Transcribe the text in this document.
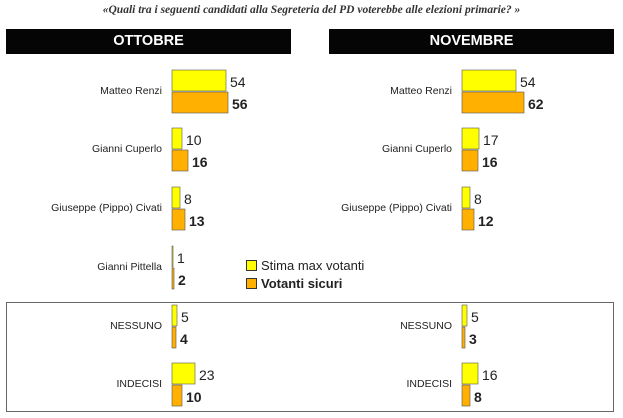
«Quali tra i seguenti candidati alla Segreteria del PD voterebbe alle elezioni primarie? »
OTTOBRE	NOVEMBRE
Matteo Renzi
54
56
Gianni Cuperlo
10
16
Giuseppe (Pippo) Civati
8
13
Gianni Pittella
1
2
NESSUNO
5
4
INDECISI
23
10
Matteo Renzi
54
62
Gianni Cuperlo
17
16
Giuseppe (Pippo) Civati
8
12
NESSUNO
5
3
INDECISI
16
8
Stima max votanti
Votanti sicuri
